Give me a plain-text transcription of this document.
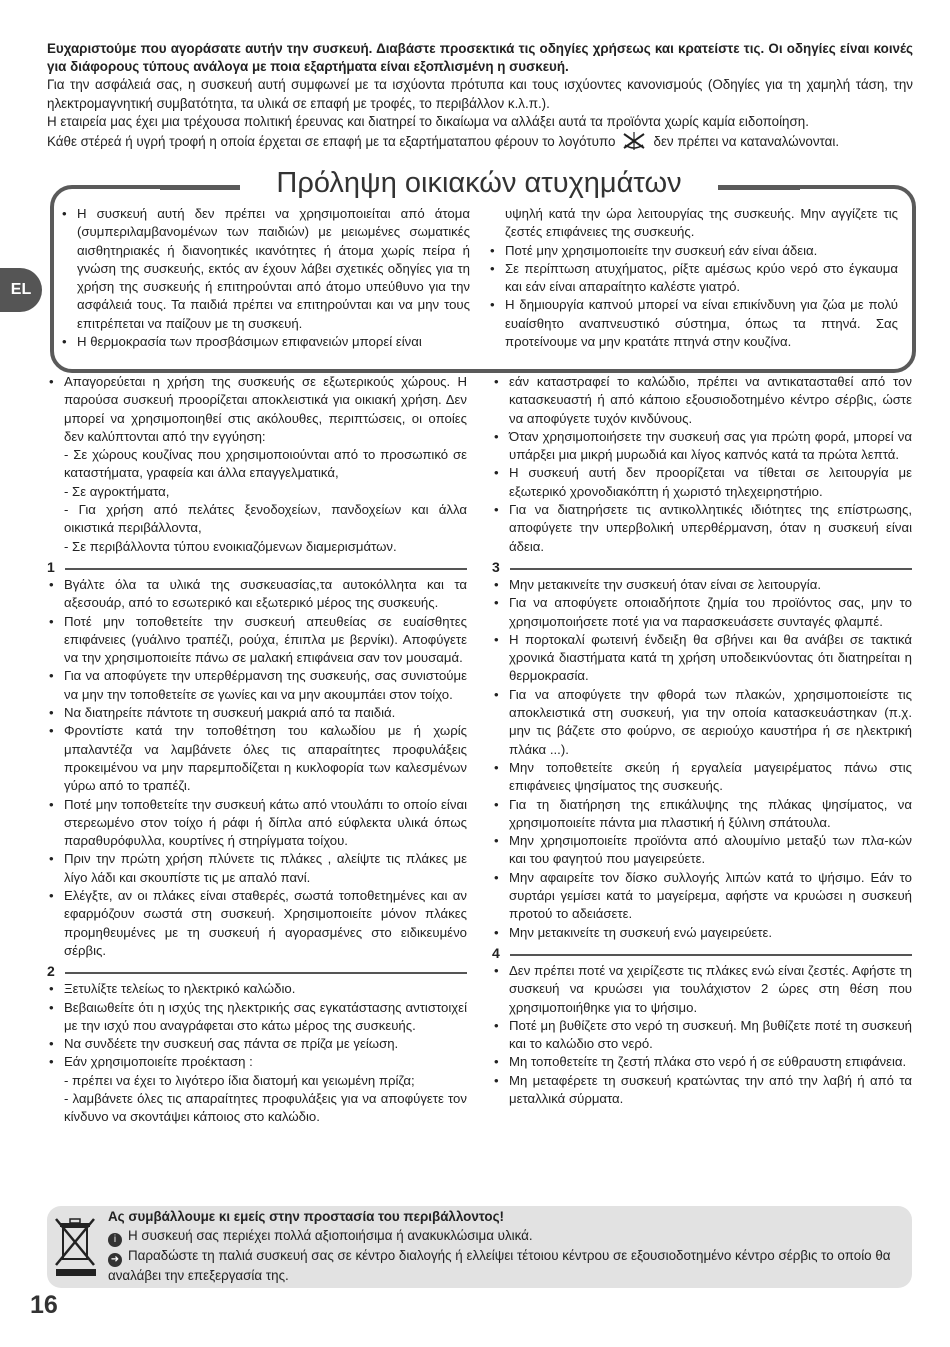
Ευχαριστούμε που αγοράσατε αυτήν την συσκευή. Διαβάστε προσεκτικά τις οδηγίες χρήσεως και κρατείστε τις. Οι οδηγίες είναι κοινές για διάφορους τύπους ανάλογα με ποια εξαρτήματα είναι εξοπλισμένη η συσκευή.

Για την ασφάλειά σας, η συσκευή αυτή συμφωνεί με τα ισχύοντα πρότυπα και τους ισχύοντες κανονισμούς (Οδηγίες για τη χαμηλή τάση, την ηλεκτρομαγνητική συμβατότητα, τα υλικά σε επαφή με τροφές, το περιβάλλον κ.λ.π.).

Η εταιρεία μας έχει μια τρέχουσα πολιτική έρευνας και διατηρεί το δικαίωμα να αλλάξει αυτά τα προϊόντα χωρίς καμία ειδοποίηση.

Κάθε στέρεά ή υγρή τροφή η οποία έρχεται σε επαφή με τα εξαρτήματαπου φέρουν το λογότυπο	δεν πρέπει να καταναλώνονται.

EL
Πρόληψη οικιακών ατυχημάτων
• Η συσκευή αυτή δεν πρέπει να χρησιμοποιείται από άτομα (συμπεριλαμβανομένων των παιδιών) με μειωμένες σωματικές αισθητηριακές ή διανοητικές ικανότητες ή άτομα χωρίς πείρα ή γνώση της συσκευής, εκτός αν έχουν λάβει σχετικές οδηγίες για τη χρήση της συσκευής ή επιτηρούνται από άτομο υπεύθυνο για την ασφάλειά τους. Τα παιδιά πρέπει να επιτηρούνται και να μην τους επιτρέπεται να παίζουν με τη συσκευή.
• Η θερμοκρασία των προσβάσιμων επιφανειών μπορεί είναι
υψηλή κατά την ώρα λειτουργίας της συσκευής. Μην αγγίζετε τις ζεστές επιφάνειες της συσκευής.
• Ποτέ μην χρησιμοποιείτε την συσκευή εάν είναι άδεια.
• Σε περίπτωση ατυχήματος, ρίξτε αμέσως κρύο νερό στο έγκαυμα και εάν είναι απαραίτητο καλέστε γιατρό.
• Η δημιουργία καπνού μπορεί να είναι επικίνδυνη για ζώα με πολύ ευαίσθητο αναπνευστικό σύστημα, όπως τα πτηνά. Σας προτείνουμε να μην κρατάτε πτηνά στην κουζίνα.
• Απαγορεύεται η χρήση της συσκευής σε εξωτερικούς χώρους. Η παρούσα συσκευή προορίζεται αποκλειστικά για οικιακή χρήση. Δεν μπορεί να χρησιμοποιηθεί στις ακόλουθες, περιπτώσεις, οι οποίες δεν καλύπτονται από την εγγύηση:
- Σε χώρους κουζίνας που χρησιμοποιούνται από το προσωπικό σε καταστήματα, γραφεία και άλλα επαγγελματικά,
- Σε αγροκτήματα,
- Για χρήση από πελάτες ξενοδοχείων, πανδοχείων και άλλα οικιστικά περιβάλλοντα,
- Σε περιβάλλοντα τύπου ενοικιαζόμενων διαμερισμάτων.
1
• Βγάλτε όλα τα υλικά της συσκευασίας,τα αυτοκόλλητα και τα αξεσουάρ, από το εσωτερικό και εξωτερικό μέρος της συσκευής.
• Ποτέ μην τοποθετείτε την συσκευή απευθείας σε ευαίσθητες επιφάνειες (γυάλινο τραπέζι, ρούχα, έπιπλα με βερνίκι). Αποφύγετε να την χρησιμοποιείτε πάνω σε μαλακή επιφάνεια σαν τον μουσαμά.
• Για να αποφύγετε την υπερθέρμανση της συσκευής, σας συνιστούμε να μην την τοποθετείτε σε γωνίες και να μην ακουμπάει στον τοίχο.
• Να διατηρείτε πάντοτε τη συσκευή μακριά από τα παιδιά.
• Φροντίστε κατά την τοποθέτηση του καλωδίου με ή χωρίς μπαλαντέζα να λαμβάνετε όλες τις απαραίτητες προφυλάξεις προκειμένου να μην παρεμποδίζεται η κυκλοφορία των καλεσμένων γύρω από το τραπέζι.
• Ποτέ μην τοποθετείτε την συσκευή κάτω από ντουλάπι το οποίο είναι στερεωμένο στον τοίχο ή ράφι ή δίπλα από εύφλεκτα υλικά όπως παραθυρόφυλλα, κουρτίνες ή στηρίγματα τοίχου.
• Πριν την πρώτη χρήση πλύνετε τις πλάκες , αλείψτε τις πλάκες με λίγο λάδι και σκουπίστε τις με απαλό πανί.
• Ελέγξτε, αν οι πλάκες είναι σταθερές, σωστά τοποθετημένες και αν εφαρμόζουν σωστά στη συσκευή. Χρησιμοποιείτε μόνον πλάκες προμηθευμένες με τη συσκευή ή αγορασμένες στο ειδικευμένο σέρβις.
2
• Ξετυλίξτε τελείως το ηλεκτρικό καλώδιο.
• Βεβαιωθείτε ότι η ισχύς της ηλεκτρικής σας εγκατάστασης αντιστοιχεί με την ισχύ που αναγράφεται στο κάτω μέρος της συσκευής.
• Να συνδέετε την συσκευή σας πάντα σε πρίζα με γείωση.
• Εάν χρησιμοποιείτε προέκταση :
- πρέπει να έχει το λιγότερο ίδια διατομή και γειωμένη πρίζα;
- λαμβάνετε όλες τις απαραίτητες προφυλάξεις για να αποφύγετε τον κίνδυνο να σκοντάψει κάποιος στο καλώδιο.
• εάν καταστραφεί το καλώδιο, πρέπει να αντικατασταθεί από τον κατασκευαστή ή από κάποιο εξουσιοδοτημένο κέντρο σέρβις, ώστε να αποφύγετε τυχόν κινδύνους.
• Όταν χρησιμοποιήσετε την συσκευή σας για πρώτη φορά, μπορεί να υπάρξει μια μικρή μυρωδιά και λίγος καπνός κατά τα πρώτα λεπτά.
• Η συσκευή αυτή δεν προορίζεται να τίθεται σε λειτουργία με εξωτερικό χρονοδιακόπτη ή χωριστό τηλεχειρηστήριο.
• Για να διατηρήσετε τις αντικολλητικές ιδιότητες της επίστρωσης, αποφύγετε την υπερβολική υπερθέρμανση, όταν η συσκευή είναι άδεια.
3
• Μην μετακινείτε την συσκευή όταν είναι σε λειτουργία.
• Για να αποφύγετε οποιαδήποτε ζημία του προϊόντος σας, μην το χρησιμοποιήσετε ποτέ για να παρασκευάσετε συνταγές φλαμπέ.
• Η πορτοκαλί φωτεινή ένδειξη θα σβήνει και θα ανάβει σε τακτικά χρονικά διαστήματα κατά τη χρήση υποδεικνύοντας ότι διατηρείται η θερμοκρασία.
• Για να αποφύγετε την φθορά των πλακών, χρησιμοποιείστε τις αποκλειστικά στη συσκευή, για την οποία κατασκευάστηκαν (π.χ. μην τις βάζετε στο φούρνο, σε αεριούχο καυστήρα ή σε ηλεκτρική πλάκα ...).
• Μην τοποθετείτε σκεύη ή εργαλεία μαγειρέματος πάνω στις επιφάνειες ψησίματος της συσκευής.
• Για τη διατήρηση της επικάλυψης της πλάκας ψησίματος, να χρησιμοποιείτε πάντα μια πλαστική ή ξύλινη σπάτουλα.
• Μην χρησιμοποιείτε προϊόντα από αλουμίνιο μεταξύ των πλα-κών και του φαγητού που μαγειρεύετε.
• Μην αφαιρείτε τον δίσκο συλλογής λιπών κατά το ψήσιμο. Εάν το συρτάρι γεμίσει κατά το μαγείρεμα, αφήστε να κρυώσει η συσκευή προτού το αδειάσετε.
• Μην μετακινείτε τη συσκευή ενώ μαγειρεύετε.
4
• Δεν πρέπει ποτέ να χειρίζεστε τις πλάκες ενώ είναι ζεστές. Αφήστε τη συσκευή να κρυώσει για τουλάχιστον 2 ώρες στη θέση που χρησιμοποιήθηκε για το ψήσιμο.
• Ποτέ μη βυθίζετε στο νερό τη συσκευή. Μη βυθίζετε ποτέ τη συσκευή και το καλώδιο στο νερό.
• Μη τοποθετείτε τη ζεστή πλάκα στο νερό ή σε εύθραυστη επιφάνεια.
• Μη μεταφέρετε τη συσκευή κρατώντας την από την λαβή ή από τα μεταλλικά σύρματα.

Ας συμβάλλουμε κι εμείς στην προστασία του περιβάλλοντος!

i Η συσκευή σας περιέχει πολλά αξιοποιήσιμα ή ανακυκλώσιμα υλικά.

➜ Παραδώστε τη παλιά συσκευή σας σε κέντρο διαλογής ή ελλείψει τέτοιου κέντρου σε εξουσιοδοτημένο κέντρο σέρβις το οποίο θα αναλάβει την επεξεργασία της.

16
